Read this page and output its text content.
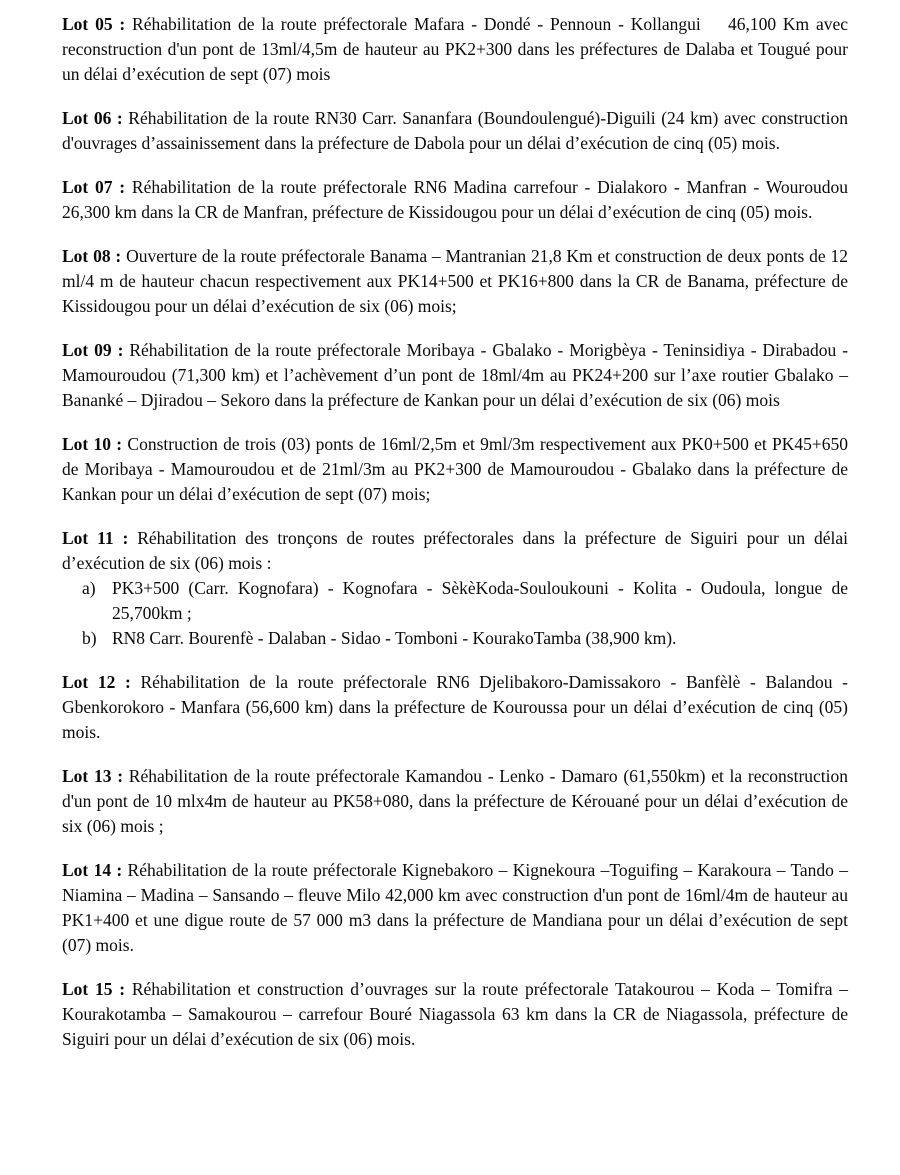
Lot 05 : Réhabilitation de la route préfectorale Mafara - Dondé - Pennoun - Kollangui    46,100 Km avec reconstruction d'un pont de 13ml/4,5m de hauteur au PK2+300 dans les préfectures de Dalaba et Tougué pour un délai d’exécution de sept (07) mois

Lot 06 : Réhabilitation de la route RN30 Carr. Sananfara (Boundoulengué)-Diguili (24 km) avec construction d'ouvrages d’assainissement dans la préfecture de Dabola pour un délai d’exécution de cinq (05) mois.

Lot 07 : Réhabilitation de la route préfectorale RN6 Madina carrefour - Dialakoro - Manfran - Wouroudou 26,300 km dans la CR de Manfran, préfecture de Kissidougou pour un délai d’exécution de cinq (05) mois.

Lot 08 : Ouverture de la route préfectorale Banama – Mantranian 21,8 Km et construction de deux ponts de 12 ml/4 m de hauteur chacun respectivement aux PK14+500 et PK16+800 dans la CR de Banama, préfecture de Kissidougou pour un délai d’exécution de six (06) mois;

Lot 09 : Réhabilitation de la route préfectorale Moribaya - Gbalako - Morigbèya - Teninsidiya - Dirabadou - Mamouroudou (71,300 km) et l’achèvement d’un pont de 18ml/4m au PK24+200 sur l’axe routier Gbalako – Bananké – Djiradou – Sekoro dans la préfecture de Kankan pour un délai d’exécution de six (06) mois

Lot 10 : Construction de trois (03) ponts de 16ml/2,5m et 9ml/3m respectivement aux PK0+500 et PK45+650 de Moribaya - Mamouroudou et de 21ml/3m au PK2+300 de Mamouroudou - Gbalako dans la préfecture de Kankan pour un délai d’exécution de sept (07) mois;

Lot 11 : Réhabilitation des tronçons de routes préfectorales dans la préfecture de Siguiri pour un délai d’exécution de six (06) mois :

a) PK3+500 (Carr. Kognofara) - Kognofara - SèkèKoda-Souloukouni - Kolita - Oudoula, longue de 25,700km ;
b) RN8 Carr. Bourenfè - Dalaban - Sidao - Tomboni - KourakoTamba (38,900 km).

Lot 12 : Réhabilitation de la route préfectorale RN6 Djelibakoro-Damissakoro - Banfèlè - Balandou - Gbenkorokoro - Manfara (56,600 km) dans la préfecture de Kouroussa pour un délai d’exécution de cinq (05) mois.

Lot 13 : Réhabilitation de la route préfectorale Kamandou - Lenko - Damaro (61,550km) et la reconstruction d'un pont de 10 mlx4m de hauteur au PK58+080, dans la préfecture de Kérouané pour un délai d’exécution de six (06) mois ;

Lot 14 : Réhabilitation de la route préfectorale Kignebakoro – Kignekoura –Toguifing – Karakoura – Tando – Niamina – Madina – Sansando – fleuve Milo 42,000 km avec construction d'un pont de 16ml/4m de hauteur au PK1+400 et une digue route de 57 000 m3 dans la préfecture de Mandiana pour un délai d’exécution de sept (07) mois.

Lot 15 : Réhabilitation et construction d’ouvrages sur la route préfectorale Tatakourou – Koda – Tomifra – Kourakotamba – Samakourou – carrefour Bouré Niagassola 63 km dans la CR de Niagassola, préfecture de Siguiri pour un délai d’exécution de six (06) mois.
